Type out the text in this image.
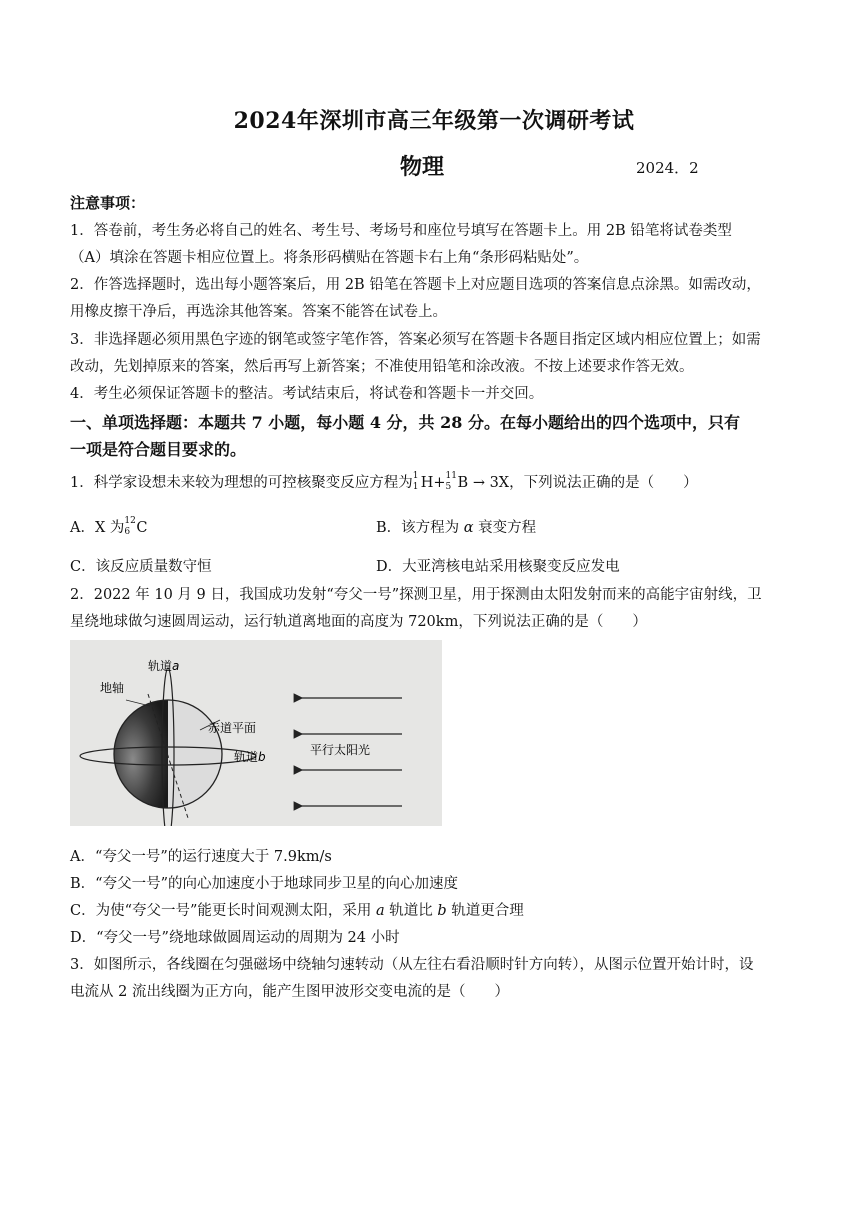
2024年深圳市高三年级第一次调研考试
物理	2024．2
注意事项：
1．答卷前，考生务必将自己的姓名、考生号、考场号和座位号填写在答题卡上。用 2B 铅笔将试卷类型
（A）填涂在答题卡相应位置上。将条形码横贴在答题卡右上角“条形码粘贴处”。
2．作答选择题时，选出每小题答案后，用 2B 铅笔在答题卡上对应题目选项的答案信息点涂黑。如需改动，
用橡皮擦干净后，再选涂其他答案。答案不能答在试卷上。
3．非选择题必须用黑色字迹的钢笔或签字笔作答，答案必须写在答题卡各题目指定区域内相应位置上；如需
改动，先划掉原来的答案，然后再写上新答案；不准使用铅笔和涂改液。不按上述要求作答无效。
4．考生必须保证答题卡的整洁。考试结束后，将试卷和答题卡一并交回。
一、单项选择题：本题共 7 小题，每小题 4 分，共 28 分。在每小题给出的四个选项中，只有
一项是符合题目要求的。
1．科学家设想未来较为理想的可控核聚变反应方程为 1
1 H+ 11
5 B → 3X，下列说法正确的是（　　）
A．X 为 12
6 C	B．该方程为 α 衰变方程
C．该反应质量数守恒	D．大亚湾核电站采用核聚变反应发电
2．2022 年 10 月 9 日，我国成功发射“夸父一号”探测卫星，用于探测由太阳发射而来的高能宇宙射线，卫
星绕地球做匀速圆周运动，运行轨道离地面的高度为 720km，下列说法正确的是（　　）
轨道a
地轴
赤道平面
轨道b	平行太阳光
A．“夸父一号”的运行速度大于 7.9km/s
B．“夸父一号”的向心加速度小于地球同步卫星的向心加速度
C．为使“夸父一号”能更长时间观测太阳，采用 a 轨道比 b 轨道更合理
D．“夸父一号”绕地球做圆周运动的周期为 24 小时
3．如图所示，各线圈在匀强磁场中绕轴匀速转动（从左往右看沿顺时针方向转），从图示位置开始计时，设
电流从 2 流出线圈为正方向，能产生图甲波形交变电流的是（　　）
